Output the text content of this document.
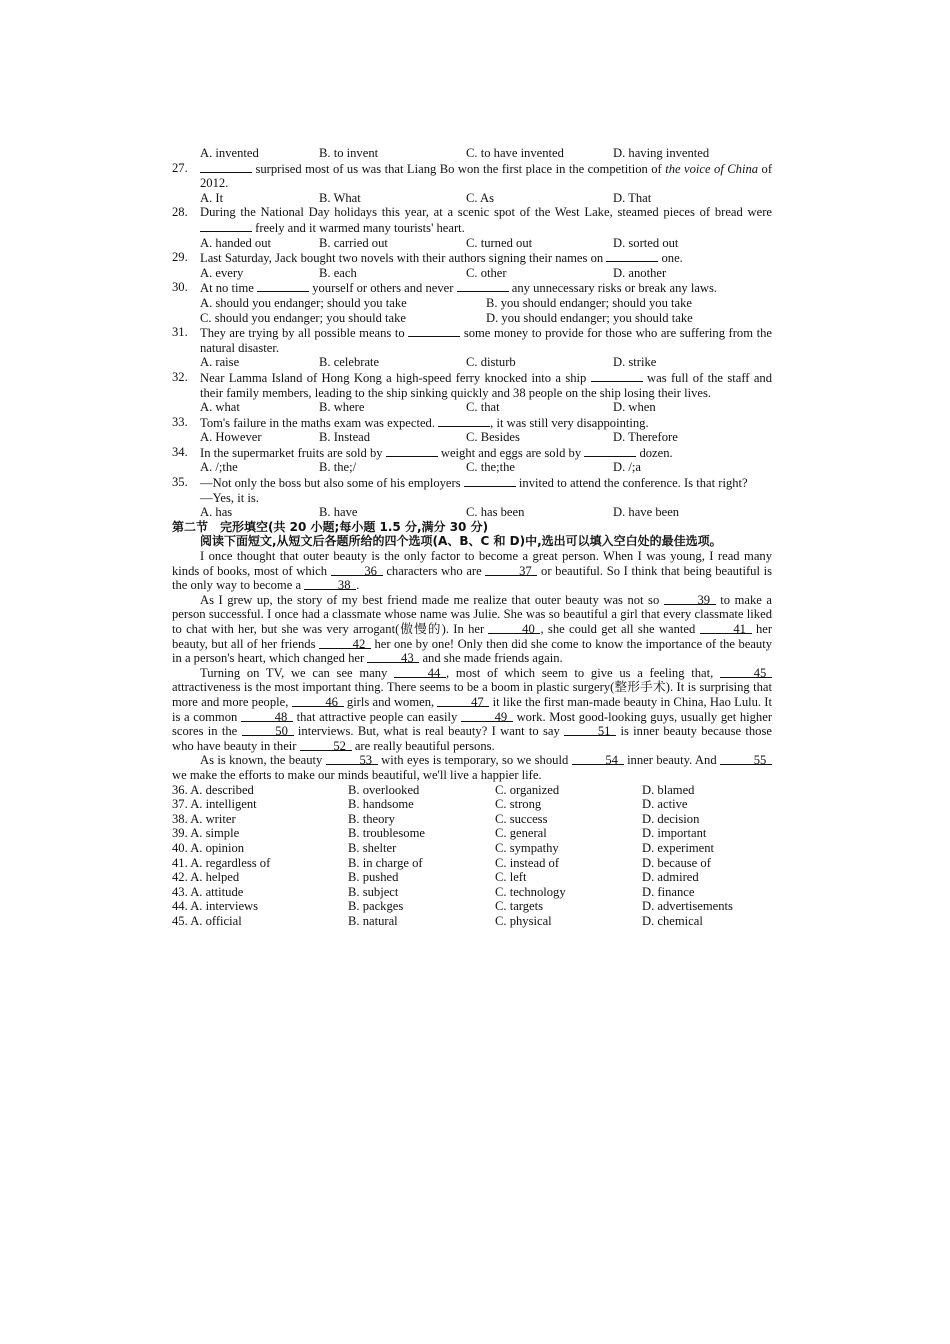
A. invented	B. to invent	C. to have invented	D. having invented
27.	surprised most of us was that Liang Bo won the first place in the competition of the voice of China of 2012.
A. It	B. What	C. As	D. That
28. During the National Day holidays this year, at a scenic spot of the West Lake, steamed pieces of bread were  freely and it warmed many tourists' heart.
A. handed out	B. carried out	C. turned out	D. sorted out
29. Last Saturday, Jack bought two novels with their authors signing their names on	one.
A. every	B. each	C. other	D. another
30. At no time	yourself or others and never	any unnecessary risks or break any laws.
A. should you endanger; should you take	B. you should endanger; should you take
C. should you endanger; you should take	D. you should endanger; you should take
31. They are trying by all possible means to	some money to provide for those who are suffering from the natural disaster.
A. raise	B. celebrate	C. disturb	D. strike
32. Near Lamma Island of Hong Kong a high-speed ferry knocked into a ship	was full of the staff and their family members, leading to the ship sinking quickly and 38 people on the ship losing their lives.
A. what	B. where	C. that	D. when
33. Tom's failure in the maths exam was expected.	, it was still very disappointing.
A. However	B. Instead	C. Besides	D. Therefore
34. In the supermarket fruits are sold by	weight and eggs are sold by	dozen.
A. /;the	B. the;/	C. the;the	D. /;a
35. —Not only the boss but also some of his employers	invited to attend the conference. Is that right?
—Yes, it is.
A. has	B. have	C. has been	D. have been
第二节　完形填空(共 20 小题;每小题 1.5 分,满分 30 分)
阅读下面短文,从短文后各题所给的四个选项(A、B、C 和 D)中,选出可以填入空白处的最佳选项。
I once thought that outer beauty is the only factor to become a great person. When I was young, I read many kinds of books, most of which	36 characters who are	37 or beautiful. So I think that being beautiful is the only way to become a	38 .
As I grew up, the story of my best friend made me realize that outer beauty was not so	39 to make a person successful. I once had a classmate whose name was Julie. She was so beautiful a girl that every classmate liked to chat with her, but she was very arrogant(傲慢的). In her	40 , she could get all she wanted	41 her beauty, but all of her friends	42 her one by one! Only then did she come to know the importance of the beauty in a person's heart, which changed her	43 and she made friends again.
Turning on TV, we can see many	44 , most of which seem to give us a feeling that,	45 attractiveness is the most important thing. There seems to be a boom in plastic surgery(整形手术). It is surprising that more and more people,	46 girls and women,	47 it like the first man-made beauty in China, Hao Lulu. It is a common	48 that attractive people can easily	49 work. Most good-looking guys, usually get higher scores in the	50 interviews. But, what is real beauty? I want to say	51 is inner beauty because those who have beauty in their	52 are really beautiful persons.
As is known, the beauty	53 with eyes is temporary, so we should	54 inner beauty. And	55 we make the efforts to make our minds beautiful, we'll live a happier life.
36. A. described	B. overlooked	C. organized	D. blamed
37. A. intelligent	B. handsome	C. strong	D. active
38. A. writer	B. theory	C. success	D. decision
39. A. simple	B. troublesome	C. general	D. important
40. A. opinion	B. shelter	C. sympathy	D. experiment
41. A. regardless of	B. in charge of	C. instead of	D. because of
42. A. helped	B. pushed	C. left	D. admired
43. A. attitude	B. subject	C. technology	D. finance
44. A. interviews	B. packges	C. targets	D. advertisements
45. A. official	B. natural	C. physical	D. chemical
